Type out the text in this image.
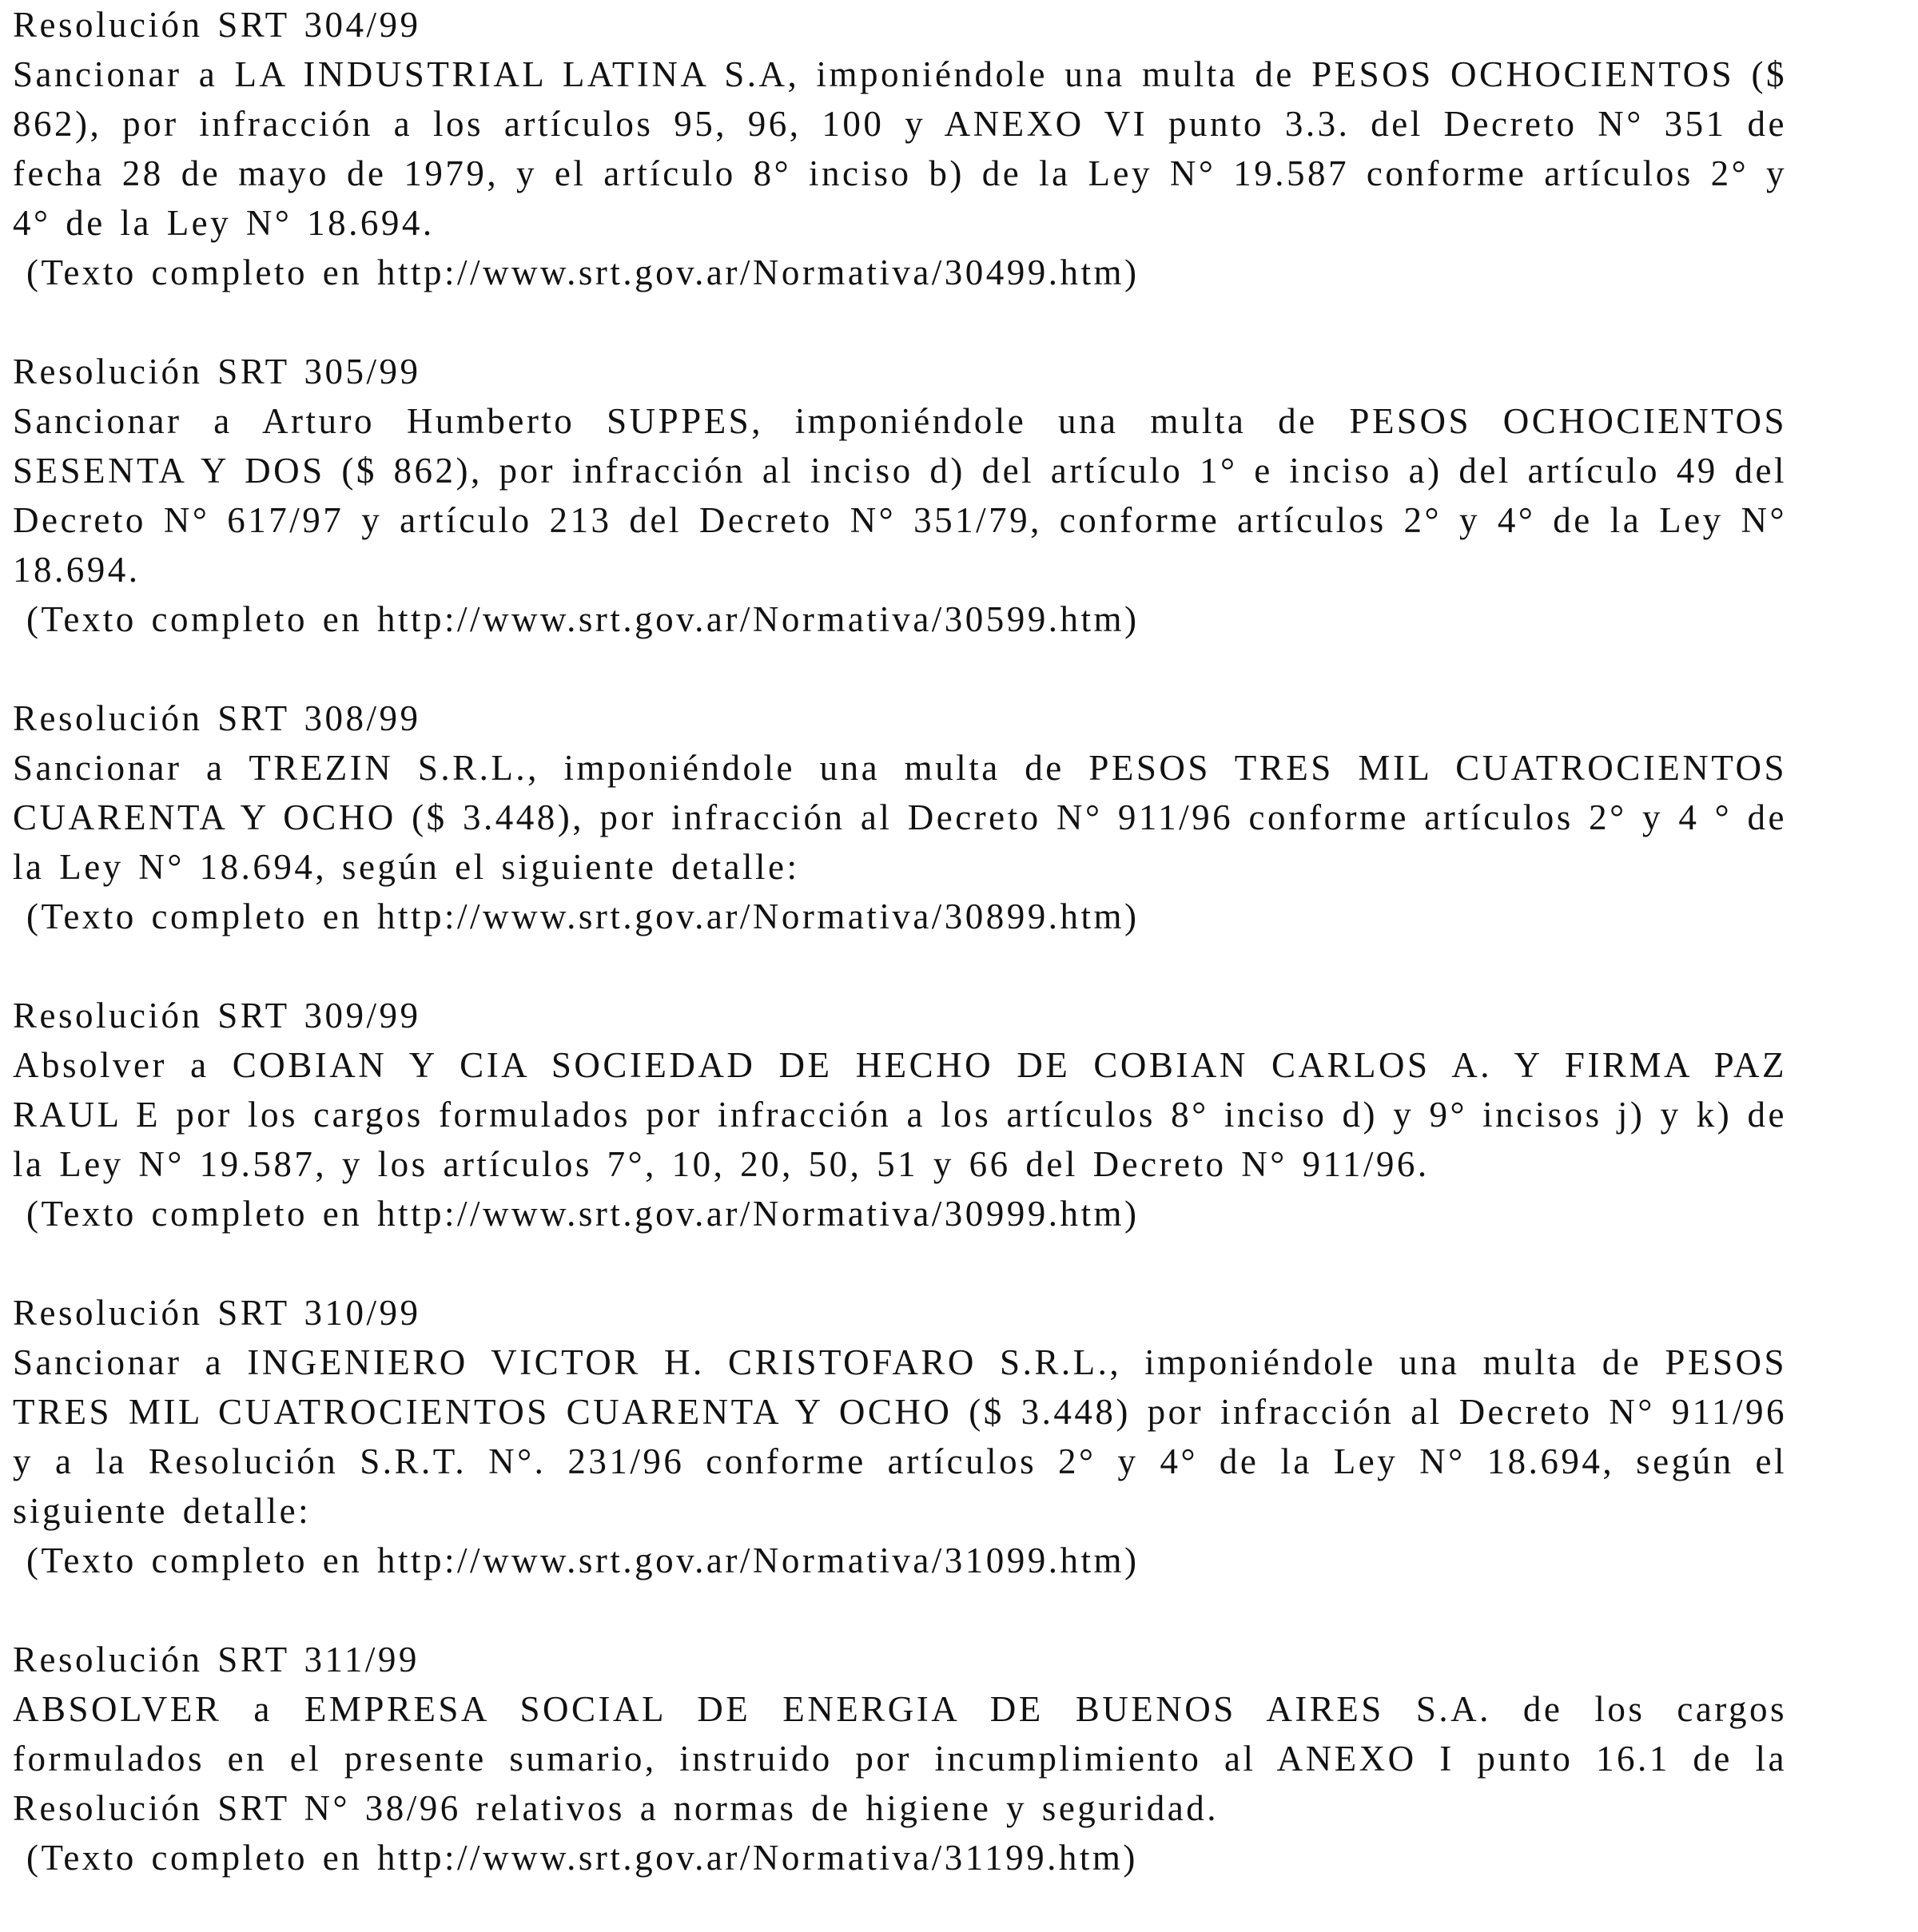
Resolución SRT 304/99
Sancionar a LA INDUSTRIAL LATINA S.A, imponiéndole una multa de PESOS OCHOCIENTOS ($ 862), por infracción a los artículos 95, 96, 100 y ANEXO VI punto 3.3. del Decreto N° 351 de fecha 28 de mayo de 1979, y el artículo 8° inciso b) de la Ley N° 19.587 conforme artículos 2° y 4° de la Ley N° 18.694.
(Texto completo en http://www.srt.gov.ar/Normativa/30499.htm)
Resolución SRT 305/99
Sancionar a Arturo Humberto SUPPES, imponiéndole una multa de PESOS OCHOCIENTOS SESENTA Y DOS ($ 862), por infracción al inciso d) del artículo 1° e inciso a) del artículo 49 del Decreto N° 617/97 y artículo 213 del Decreto N° 351/79, conforme artículos 2° y 4° de la Ley N° 18.694.
(Texto completo en http://www.srt.gov.ar/Normativa/30599.htm)
Resolución SRT 308/99
Sancionar a TREZIN S.R.L., imponiéndole una multa de PESOS TRES MIL CUATROCIENTOS CUARENTA Y OCHO ($ 3.448), por infracción al Decreto N° 911/96 conforme artículos 2° y 4 ° de la Ley N° 18.694, según el siguiente detalle:
(Texto completo en http://www.srt.gov.ar/Normativa/30899.htm)
Resolución SRT 309/99
Absolver a COBIAN Y CIA SOCIEDAD DE HECHO DE COBIAN CARLOS A. Y FIRMA PAZ RAUL E por los cargos formulados por infracción a los artículos 8° inciso d) y 9° incisos j) y k) de la Ley N° 19.587, y los artículos 7°, 10, 20, 50, 51 y 66 del Decreto N° 911/96.
(Texto completo en http://www.srt.gov.ar/Normativa/30999.htm)
Resolución SRT 310/99
Sancionar a INGENIERO VICTOR H. CRISTOFARO S.R.L., imponiéndole una multa de PESOS TRES MIL CUATROCIENTOS CUARENTA Y OCHO ($ 3.448) por infracción al Decreto N° 911/96 y a la Resolución S.R.T. N°. 231/96 conforme artículos 2° y 4° de la Ley N° 18.694, según el siguiente detalle:
(Texto completo en http://www.srt.gov.ar/Normativa/31099.htm)
Resolución SRT 311/99
ABSOLVER a EMPRESA SOCIAL DE ENERGIA DE BUENOS AIRES S.A. de los cargos formulados en el presente sumario, instruido por incumplimiento al ANEXO I punto 16.1 de la Resolución SRT N° 38/96 relativos a normas de higiene y seguridad.
(Texto completo en http://www.srt.gov.ar/Normativa/31199.htm)
